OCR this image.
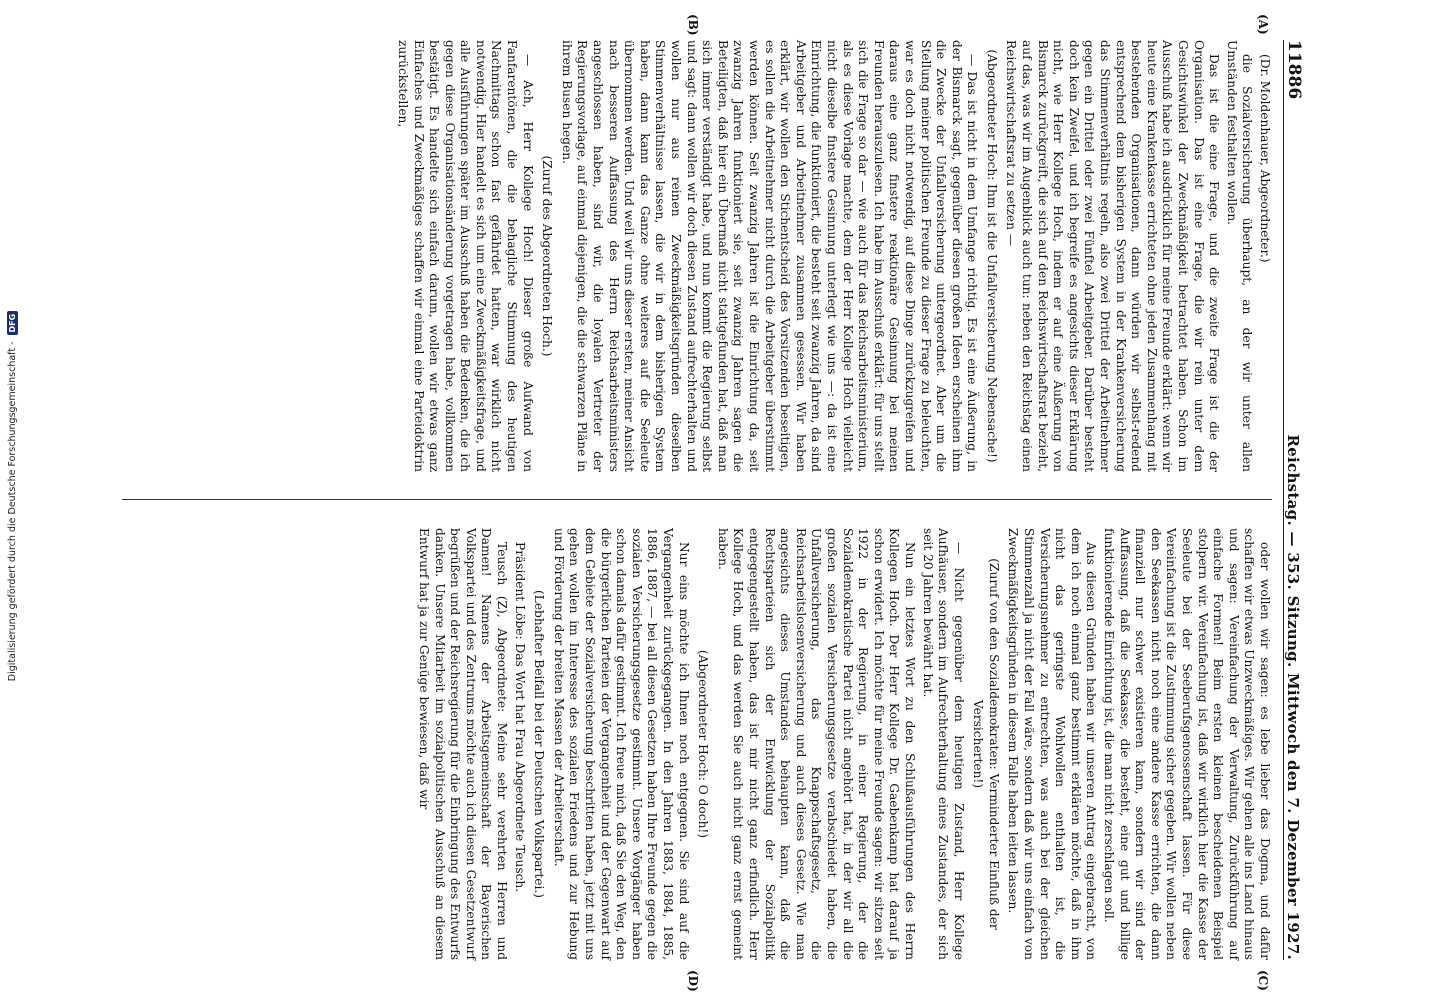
Digitalisierung gefördert durch die Deutsche Forschungsgemeinschaft -
DFG
11886
Reichstag. — 353. Sitzung. Mittwoch den 7. Dezember 1927.
(A)
(B)
(C)
(D)

(Dr. Moldenhauer, Abgeordneter.)

die Sozialversicherung überhaupt, an der wir unter allen Umständen festhalten wollen.

Das ist die eine Frage, und die zweite Frage ist die der Organisation. Das ist eine Frage, die wir rein unter dem Gesichtswinkel der Zweckmäßigkeit betrachtet haben. Schon im Ausschuß habe ich ausdrücklich für meine Freunde erklärt: wenn wir heute eine Krankenkasse errichteten ohne jeden Zusammenhang mit bestehenden Organisationen, dann würden wir selbst-redend entsprechend dem bisherigen System in der Krankenversicherung das Stimmenverhältnis regeln, also zwei Drittel der Arbeitnehmer gegen ein Drittel oder zwei Fünftel Arbeitgeber. Darüber besteht doch kein Zweifel, und ich begreife es angesichts dieser Erklärung nicht, wie Herr Kollege Hoch, indem er auf eine Äußerung von Bismarck zurückgreift, die sich auf den Reichswirtschaftsrat bezieht, auf das, was wir im Augenblick auch tun: neben den Reichstag einen Reichswirtschaftsrat zu setzen —

(Abgeordneter Hoch: Ihm ist die Unfallversicherung Nebensache!)

— Das ist nicht in dem Umfange richtig. Es ist eine Äußerung, in der Bismarck sagt, gegenüber diesen großen Ideen erscheinen ihm die Zwecke der Unfallversicherung untergeordnet. Aber um die Stellung meiner politischen Freunde zu dieser Frage zu beleuchten, war es doch nicht notwendig, auf diese Dinge zurückzugreifen und daraus eine ganz finstere reaktionäre Gesinnung bei meinen Freunden herauszulesen. Ich habe im Ausschuß erklärt: für uns stellt sich die Frage so dar — wie auch für das Reichsarbeitsministerium, als es diese Vorlage machte, dem der Herr Kollege Hoch vielleicht nicht dieselbe finstere Gesinnung unterlegt wie uns —: da ist eine Einrichtung, die funktioniert, die besteht seit zwanzig Jahren, da sind Arbeitgeber und Arbeitnehmer zusammen gesessen. Wir haben erklärt, wir wollen den Stichentscheid des Vorsitzenden beseitigen, es sollen die Arbeitnehmer nicht durch die Arbeitgeber überstimmt werden können. Seit zwanzig Jahren ist die Einrichtung da, seit zwanzig Jahren funktioniert sie, seit zwanzig Jahren sagen die Beteiligten, daß hier ein Übermaß nicht stattgefunden hat, daß man sich immer verständigt habe, und nun kommt die Regierung selbst und sagt: dann wollen wir doch diesen Zustand aufrechterhalten und wollen nur aus reinen Zweckmäßigkeitsgründen dieselben Stimmenverhältnisse lassen, die wir in dem bisherigen System haben, dann kann das Ganze ohne weiteres auf die Seeleute übernommen werden. Und weil wir uns dieser ersten, meiner Ansicht nach besseren Auffassung des Herrn Reichsarbeitsministers angeschlossen haben, sind wir, die loyalen Vertreter der Regierungsvorlage, auf einmal diejenigen, die die schwarzen Pläne in ihrem Busen hegen.

(Zuruf des Abgeordneten Hoch.)

— Ach, Herr Kollege Hoch! Dieser große Aufwand von Fanfarentönen, die die behagliche Stimmung des heutigen Nachmittags schon fast gefährdet hatten, war wirklich nicht notwendig. Hier handelt es sich um eine Zweckmäßigkeitsfrage, und alle Ausführungen später im Ausschuß haben die Bedenken, die ich gegen diese Organisationsänderung vorgetragen habe, vollkommen bestätigt. Es handelte sich einfach darum, wollen wir etwas ganz Einfaches und Zweckmäßiges schaffen wir einmal eine Parteidoktrin zurückstellen,

oder wollen wir sagen: es lebe lieber das Dogma, und dafür schaffen wir etwas Unzweckmäßiges. Wir gehen alle ins Land hinaus und sagen: Vereinfachung der Verwaltung, Zurückführung auf einfache Formen! Beim ersten kleinen bescheidenen Beispiel stolpern wir. Vereinfachung ist, daß wir wirklich hier die Kasse der Seeleute bei der Seeberufsgenossenschaft lassen. Für diese Vereinfachung ist die Zustimmung sicher gegeben. Wir wollen neben den Seekassen nicht noch eine andere Kasse errichten, die dann finanziell nur schwer existieren kann, sondern wir sind der Auffassung, daß die Seekasse, die besteht, eine gut und billige funktionierende Einrichtung ist, die man nicht zerschlagen soll.

Aus diesen Gründen haben wir unseren Antrag eingebracht, von dem ich noch einmal ganz bestimmt erklären möchte, daß in ihm nicht das geringste Wohlwollen enthalten ist, die Versicherungsnehmer zu entrechten, was auch bei der gleichen Stimmenzahl ja nicht der Fall wäre, sondern daß wir uns einfach von Zweckmäßigkeitsgründen in diesem Falle haben leiten lassen.

(Zuruf von den Sozialdemokraten: Verminderter Einfluß der Versicherten!)

— Nicht gegenüber dem heutigen Zustand, Herr Kollege Aufhäuser, sondern im Aufrechterhaltung eines Zustandes, der sich seit 20 Jahren bewährt hat.

Nun ein letztes Wort zu den Schlußausführungen des Herrn Kollegen Hoch. Der Herr Kollege Dr. Gaebenkamp hat darauf ja schon erwidert. Ich möchte für meine Freunde sagen: wir sitzen seit 1922 in der Regierung, in einer Regierung, der die Sozialdemokratische Partei nicht angehört hat, in der wir all die großen sozialen Versicherungsgesetze verabschiedet haben, die Unfallversicherung, das Knappschaftsgesetz, die Reichsarbeitslosenversicherung und auch dieses Gesetz. Wie man angesichts dieses Umstandes behaupten kann, daß die Rechtsparteien sich der Entwicklung der Sozialpolitik entgegengestellt haben, das ist mir nicht ganz erfindlich. Herr Kollege Hoch, und das werden Sie auch nicht ganz ernst gemeint haben.

(Abgeordneter Hoch: O doch!)

Nur eins möchte ich Ihnen noch entgegnen. Sie sind auf die Vergangenheit zurückgegangen. In den Jahren 1883, 1884, 1885, 1886, 1887, — bei all diesen Gesetzen haben Ihre Freunde gegen die sozialen Versicherungsgesetze gestimmt. Unsere Vorgänger haben schon damals dafür gestimmt. Ich freue mich, daß Sie den Weg, den die bürgerlichen Parteien der Vergangenheit und der Gegenwart auf dem Gebiete der Sozialversicherung beschritten haben, jetzt mit uns gehen wollen im Interesse des sozialen Friedens und zur Hebung und Förderung der breiten Massen der Arbeiterschaft.

(Lebhafter Beifall bei der Deutschen Volkspartei.)

Präsident Löbe: Das Wort hat Frau Abgeordnete Teusch.

Teusch (Z), Abgeordnete: Meine sehr verehrten Herren und Damen! Namens der Arbeitsgemeinschaft der Bayerischen Volkspartei und des Zentrums möchte auch ich diesen Gesetzentwurf begrüßen und der Reichsregierung für die Einbringung des Entwurfs danken. Unsere Mitarbeit im sozialpolitischen Ausschuß an diesem Entwurf hat ja zur Genüge bewiesen, daß wir
